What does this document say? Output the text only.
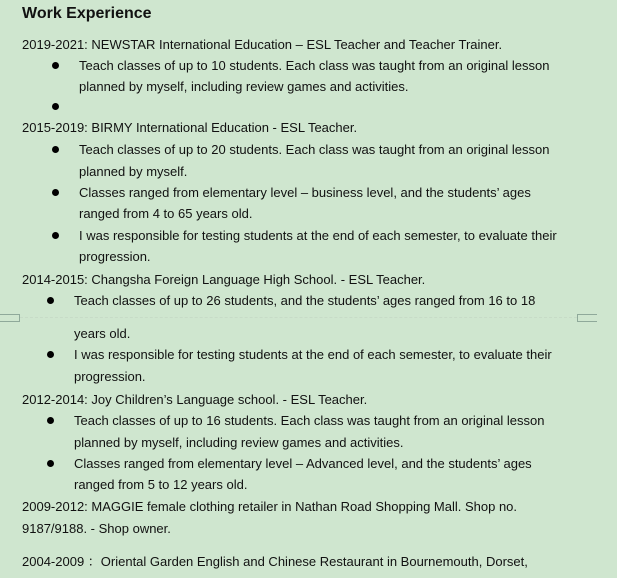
Work Experience
2019-2021: NEWSTAR International Education – ESL Teacher and Teacher Trainer.
Teach classes of up to 10 students. Each class was taught from an original lesson
planned by myself, including review games and activities.
2015-2019: BIRMY International Education - ESL Teacher.
Teach classes of up to 20 students. Each class was taught from an original lesson
planned by myself.
Classes ranged from elementary level – business level, and the students’ ages
ranged from 4 to 65 years old.
I was responsible for testing students at the end of each semester, to evaluate their
progression.
2014-2015: Changsha Foreign Language High School. - ESL Teacher.
Teach classes of up to 26 students, and the students’ ages ranged from 16 to 18
years old.
I was responsible for testing students at the end of each semester, to evaluate their
progression.
2012-2014: Joy Children’s Language school. - ESL Teacher.
Teach classes of up to 16 students. Each class was taught from an original lesson
planned by myself, including review games and activities.
Classes ranged from elementary level – Advanced level, and the students’ ages
ranged from 5 to 12 years old.
2009-2012: MAGGIE female clothing retailer in Nathan Road Shopping Mall. Shop no.
9187/9188. - Shop owner.
2004-2009 ：Oriental Garden English and Chinese Restaurant in Bournemouth, Dorset,
